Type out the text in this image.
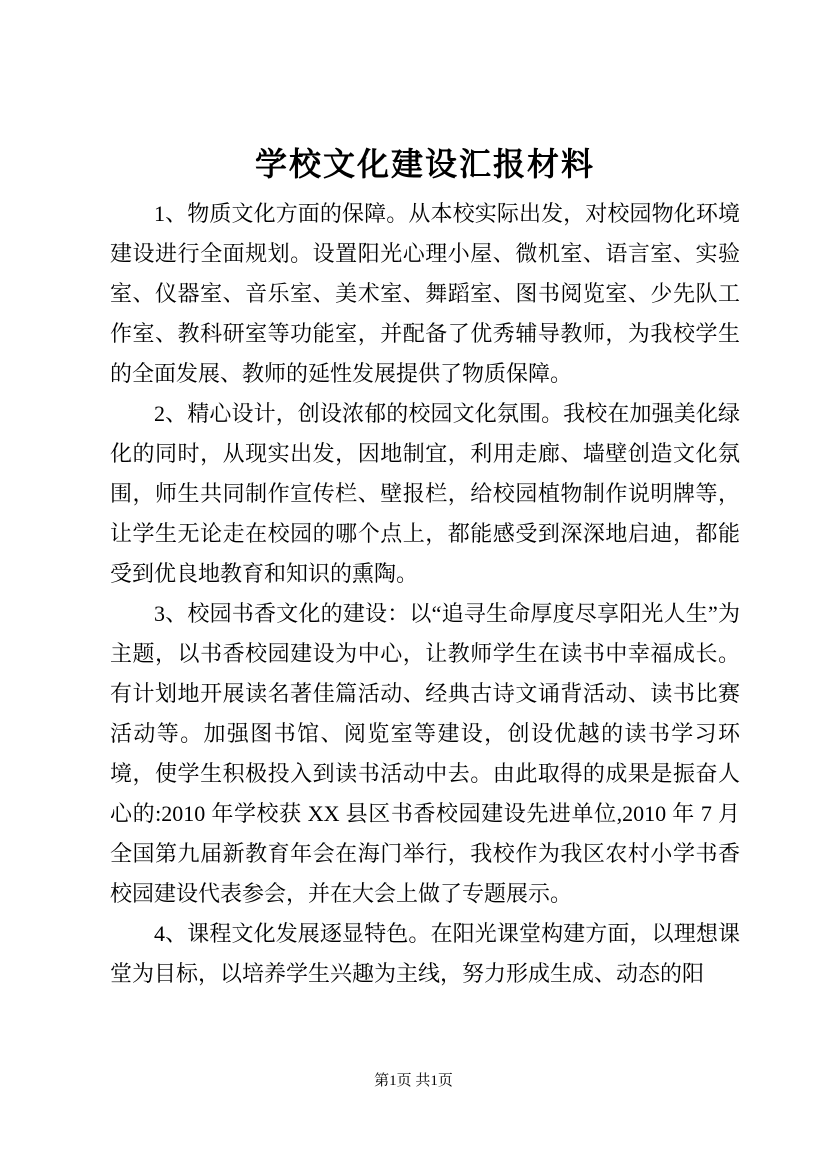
学校文化建设汇报材料

1、物质文化方面的保障。从本校实际出发，对校园物化环境建设进行全面规划。设置阳光心理小屋、微机室、语言室、实验室、仪器室、音乐室、美术室、舞蹈室、图书阅览室、少先队工作室、教科研室等功能室，并配备了优秀辅导教师，为我校学生的全面发展、教师的延性发展提供了物质保障。

2、精心设计，创设浓郁的校园文化氛围。我校在加强美化绿化的同时，从现实出发，因地制宜，利用走廊、墙壁创造文化氛围，师生共同制作宣传栏、壁报栏，给校园植物制作说明牌等，让学生无论走在校园的哪个点上，都能感受到深深地启迪，都能受到优良地教育和知识的熏陶。

3、校园书香文化的建设：以“追寻生命厚度尽享阳光人生”为主题，以书香校园建设为中心，让教师学生在读书中幸福成长。有计划地开展读名著佳篇活动、经典古诗文诵背活动、读书比赛活动等。加强图书馆、阅览室等建设，创设优越的读书学习环境，使学生积极投入到读书活动中去。由此取得的成果是振奋人心的:2010 年学校获 XX 县区书香校园建设先进单位,2010 年 7 月全国第九届新教育年会在海门举行，我校作为我区农村小学书香校园建设代表参会，并在大会上做了专题展示。

4、课程文化发展逐显特色。在阳光课堂构建方面，以理想课堂为目标，以培养学生兴趣为主线，努力形成生成、动态的阳

第1页 共1页
